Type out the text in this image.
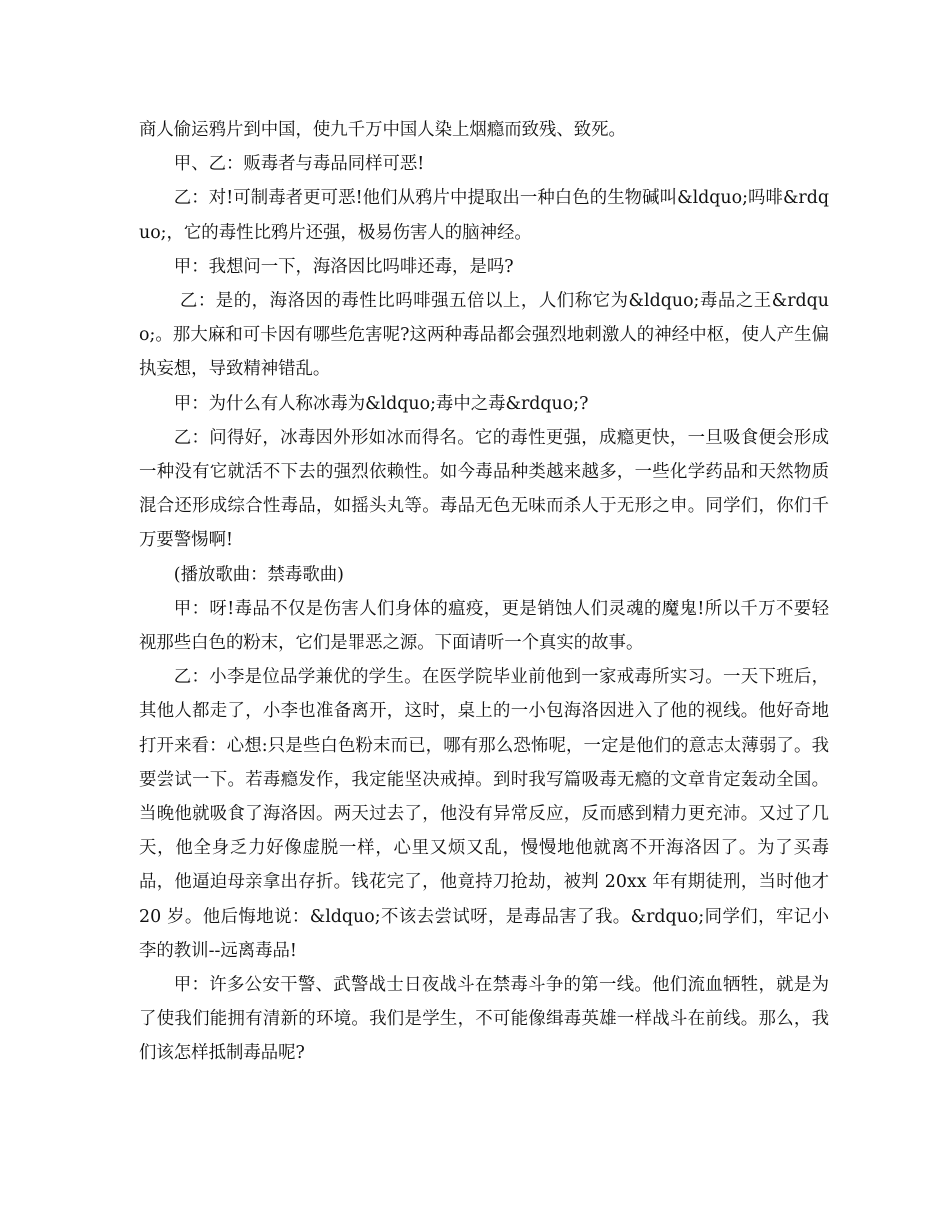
商人偷运鸦片到中国，使九千万中国人染上烟瘾而致残、致死。

甲、乙：贩毒者与毒品同样可恶!

乙：对!可制毒者更可恶!他们从鸦片中提取出一种白色的生物碱叫&ldquo;吗啡&rdquo;，它的毒性比鸦片还强，极易伤害人的脑神经。

甲：我想问一下，海洛因比吗啡还毒，是吗?

乙：是的，海洛因的毒性比吗啡强五倍以上，人们称它为&ldquo;毒品之王&rdquo;。那大麻和可卡因有哪些危害呢?这两种毒品都会强烈地刺激人的神经中枢，使人产生偏执妄想，导致精神错乱。

甲：为什么有人称冰毒为&ldquo;毒中之毒&rdquo;?

乙：问得好，冰毒因外形如冰而得名。它的毒性更强，成瘾更快，一旦吸食便会形成一种没有它就活不下去的强烈依赖性。如今毒品种类越来越多，一些化学药品和天然物质混合还形成综合性毒品，如摇头丸等。毒品无色无味而杀人于无形之申。同学们，你们千万要警惕啊!

(播放歌曲：禁毒歌曲)

甲：呀!毒品不仅是伤害人们身体的瘟疫，更是销蚀人们灵魂的魔鬼!所以千万不要轻视那些白色的粉末，它们是罪恶之源。下面请听一个真实的故事。

乙：小李是位品学兼优的学生。在医学院毕业前他到一家戒毒所实习。一天下班后，其他人都走了，小李也准备离开，这时，桌上的一小包海洛因进入了他的视线。他好奇地打开来看：心想:只是些白色粉末而已，哪有那么恐怖呢，一定是他们的意志太薄弱了。我要尝试一下。若毒瘾发作，我定能坚决戒掉。到时我写篇吸毒无瘾的文章肯定轰动全国。当晚他就吸食了海洛因。两天过去了，他没有异常反应，反而感到精力更充沛。又过了几天，他全身乏力好像虚脱一样，心里又烦又乱，慢慢地他就离不开海洛因了。为了买毒品，他逼迫母亲拿出存折。钱花完了，他竟持刀抢劫，被判 20xx 年有期徒刑，当时他才 20 岁。他后悔地说：&ldquo;不该去尝试呀，是毒品害了我。&rdquo;同学们，牢记小李的教训--远离毒品!

甲：许多公安干警、武警战士日夜战斗在禁毒斗争的第一线。他们流血牺牲，就是为了使我们能拥有清新的环境。我们是学生，不可能像缉毒英雄一样战斗在前线。那么，我们该怎样抵制毒品呢?
